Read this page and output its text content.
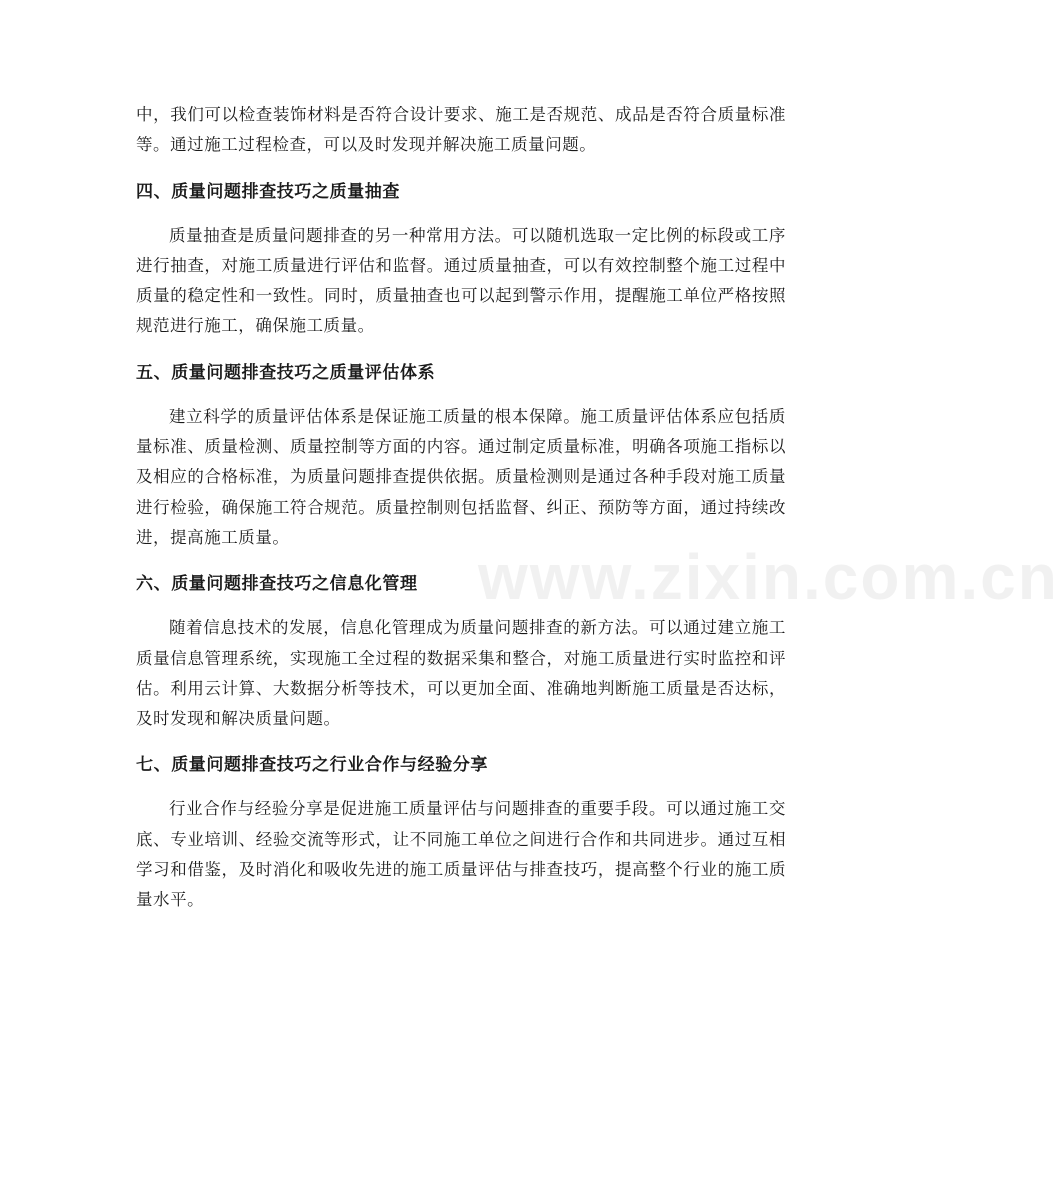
中，我们可以检查装饰材料是否符合设计要求、施工是否规范、成品是否符合质量标准等。通过施工过程检查，可以及时发现并解决施工质量问题。

四、质量问题排查技巧之质量抽查

质量抽查是质量问题排查的另一种常用方法。可以随机选取一定比例的标段或工序进行抽查，对施工质量进行评估和监督。通过质量抽查，可以有效控制整个施工过程中质量的稳定性和一致性。同时，质量抽查也可以起到警示作用，提醒施工单位严格按照规范进行施工，确保施工质量。

五、质量问题排查技巧之质量评估体系

建立科学的质量评估体系是保证施工质量的根本保障。施工质量评估体系应包括质量标准、质量检测、质量控制等方面的内容。通过制定质量标准，明确各项施工指标以及相应的合格标准，为质量问题排查提供依据。质量检测则是通过各种手段对施工质量进行检验，确保施工符合规范。质量控制则包括监督、纠正、预防等方面，通过持续改进，提高施工质量。

六、质量问题排查技巧之信息化管理

随着信息技术的发展，信息化管理成为质量问题排查的新方法。可以通过建立施工质量信息管理系统，实现施工全过程的数据采集和整合，对施工质量进行实时监控和评估。利用云计算、大数据分析等技术，可以更加全面、准确地判断施工质量是否达标，及时发现和解决质量问题。

七、质量问题排查技巧之行业合作与经验分享

行业合作与经验分享是促进施工质量评估与问题排查的重要手段。可以通过施工交底、专业培训、经验交流等形式，让不同施工单位之间进行合作和共同进步。通过互相学习和借鉴，及时消化和吸收先进的施工质量评估与排查技巧，提高整个行业的施工质量水平。

www.zixin.com.cn
